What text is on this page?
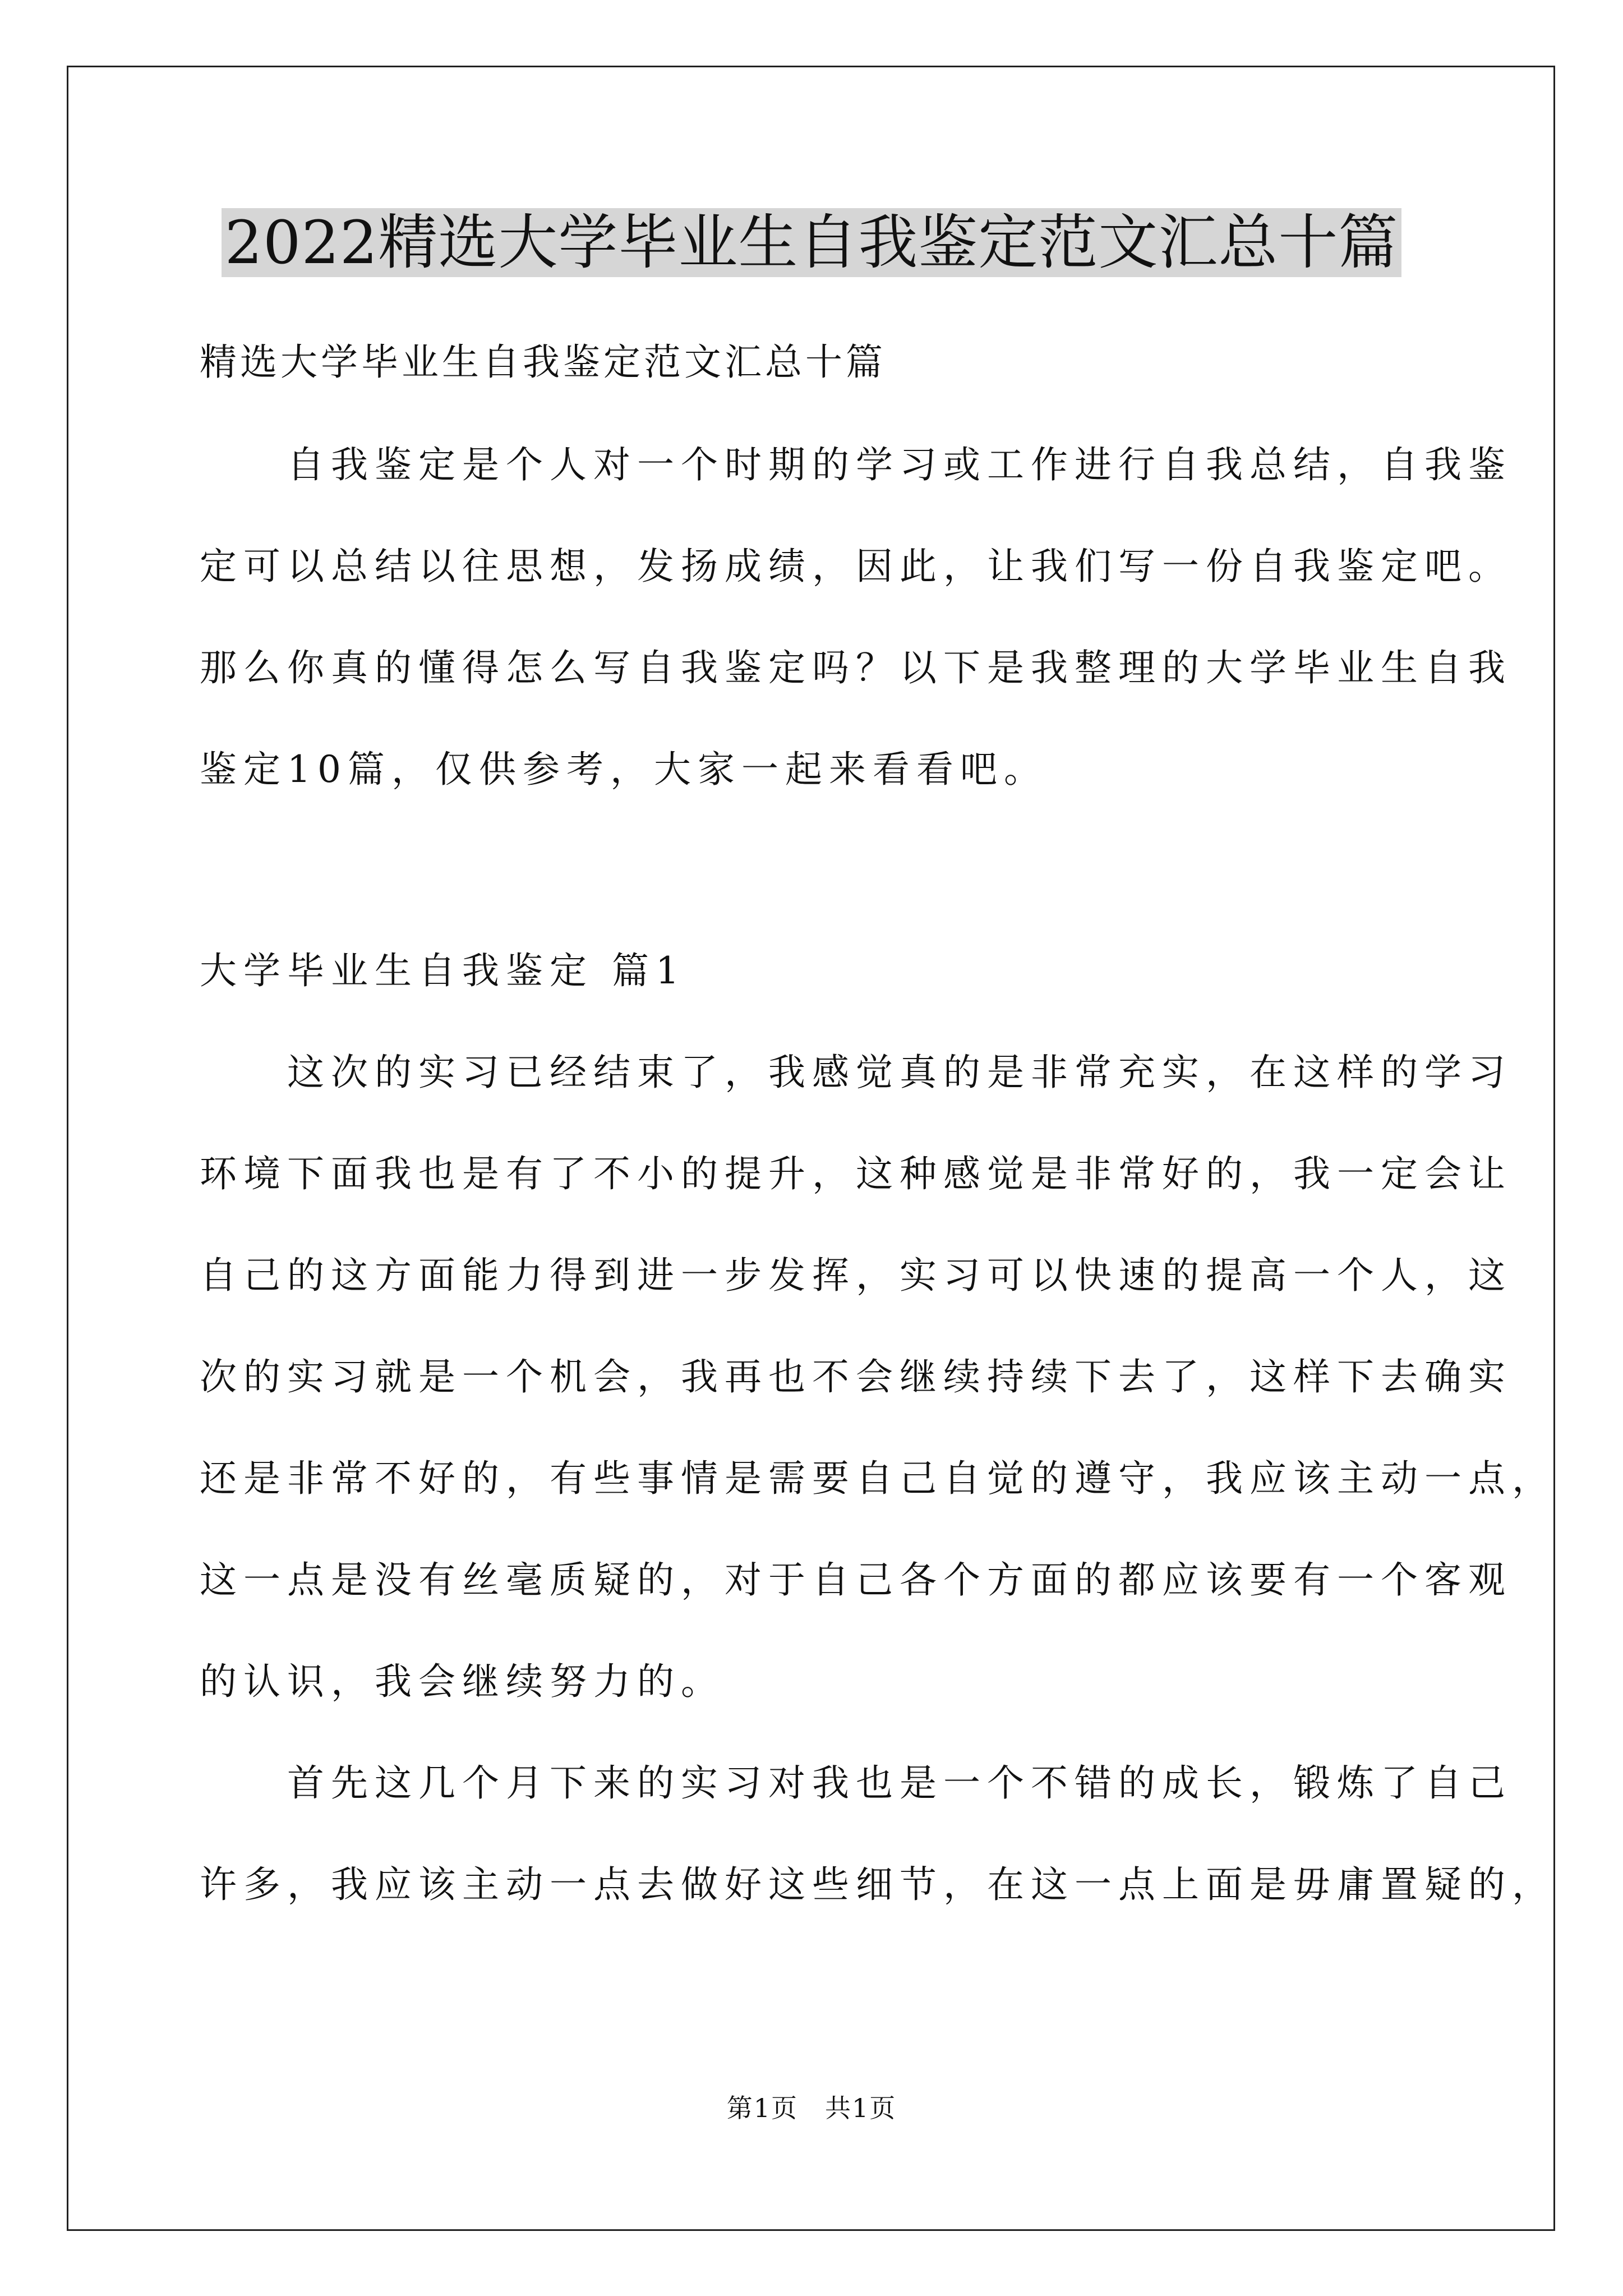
2022精选大学毕业生自我鉴定范文汇总十篇
精选大学毕业生自我鉴定范文汇总十篇
　　自我鉴定是个人对一个时期的学习或工作进行自我总结，自我鉴
定可以总结以往思想，发扬成绩，因此，让我们写一份自我鉴定吧。
那么你真的懂得怎么写自我鉴定吗？以下是我整理的大学毕业生自我
鉴定10篇，仅供参考，大家一起来看看吧。
大学毕业生自我鉴定 篇1
　　这次的实习已经结束了，我感觉真的是非常充实，在这样的学习
环境下面我也是有了不小的提升，这种感觉是非常好的，我一定会让
自己的这方面能力得到进一步发挥，实习可以快速的提高一个人，这
次的实习就是一个机会，我再也不会继续持续下去了，这样下去确实
还是非常不好的，有些事情是需要自己自觉的遵守，我应该主动一点，
这一点是没有丝毫质疑的，对于自己各个方面的都应该要有一个客观
的认识，我会继续努力的。
　　首先这几个月下来的实习对我也是一个不错的成长，锻炼了自己
许多，我应该主动一点去做好这些细节，在这一点上面是毋庸置疑的，
第1页　共1页
